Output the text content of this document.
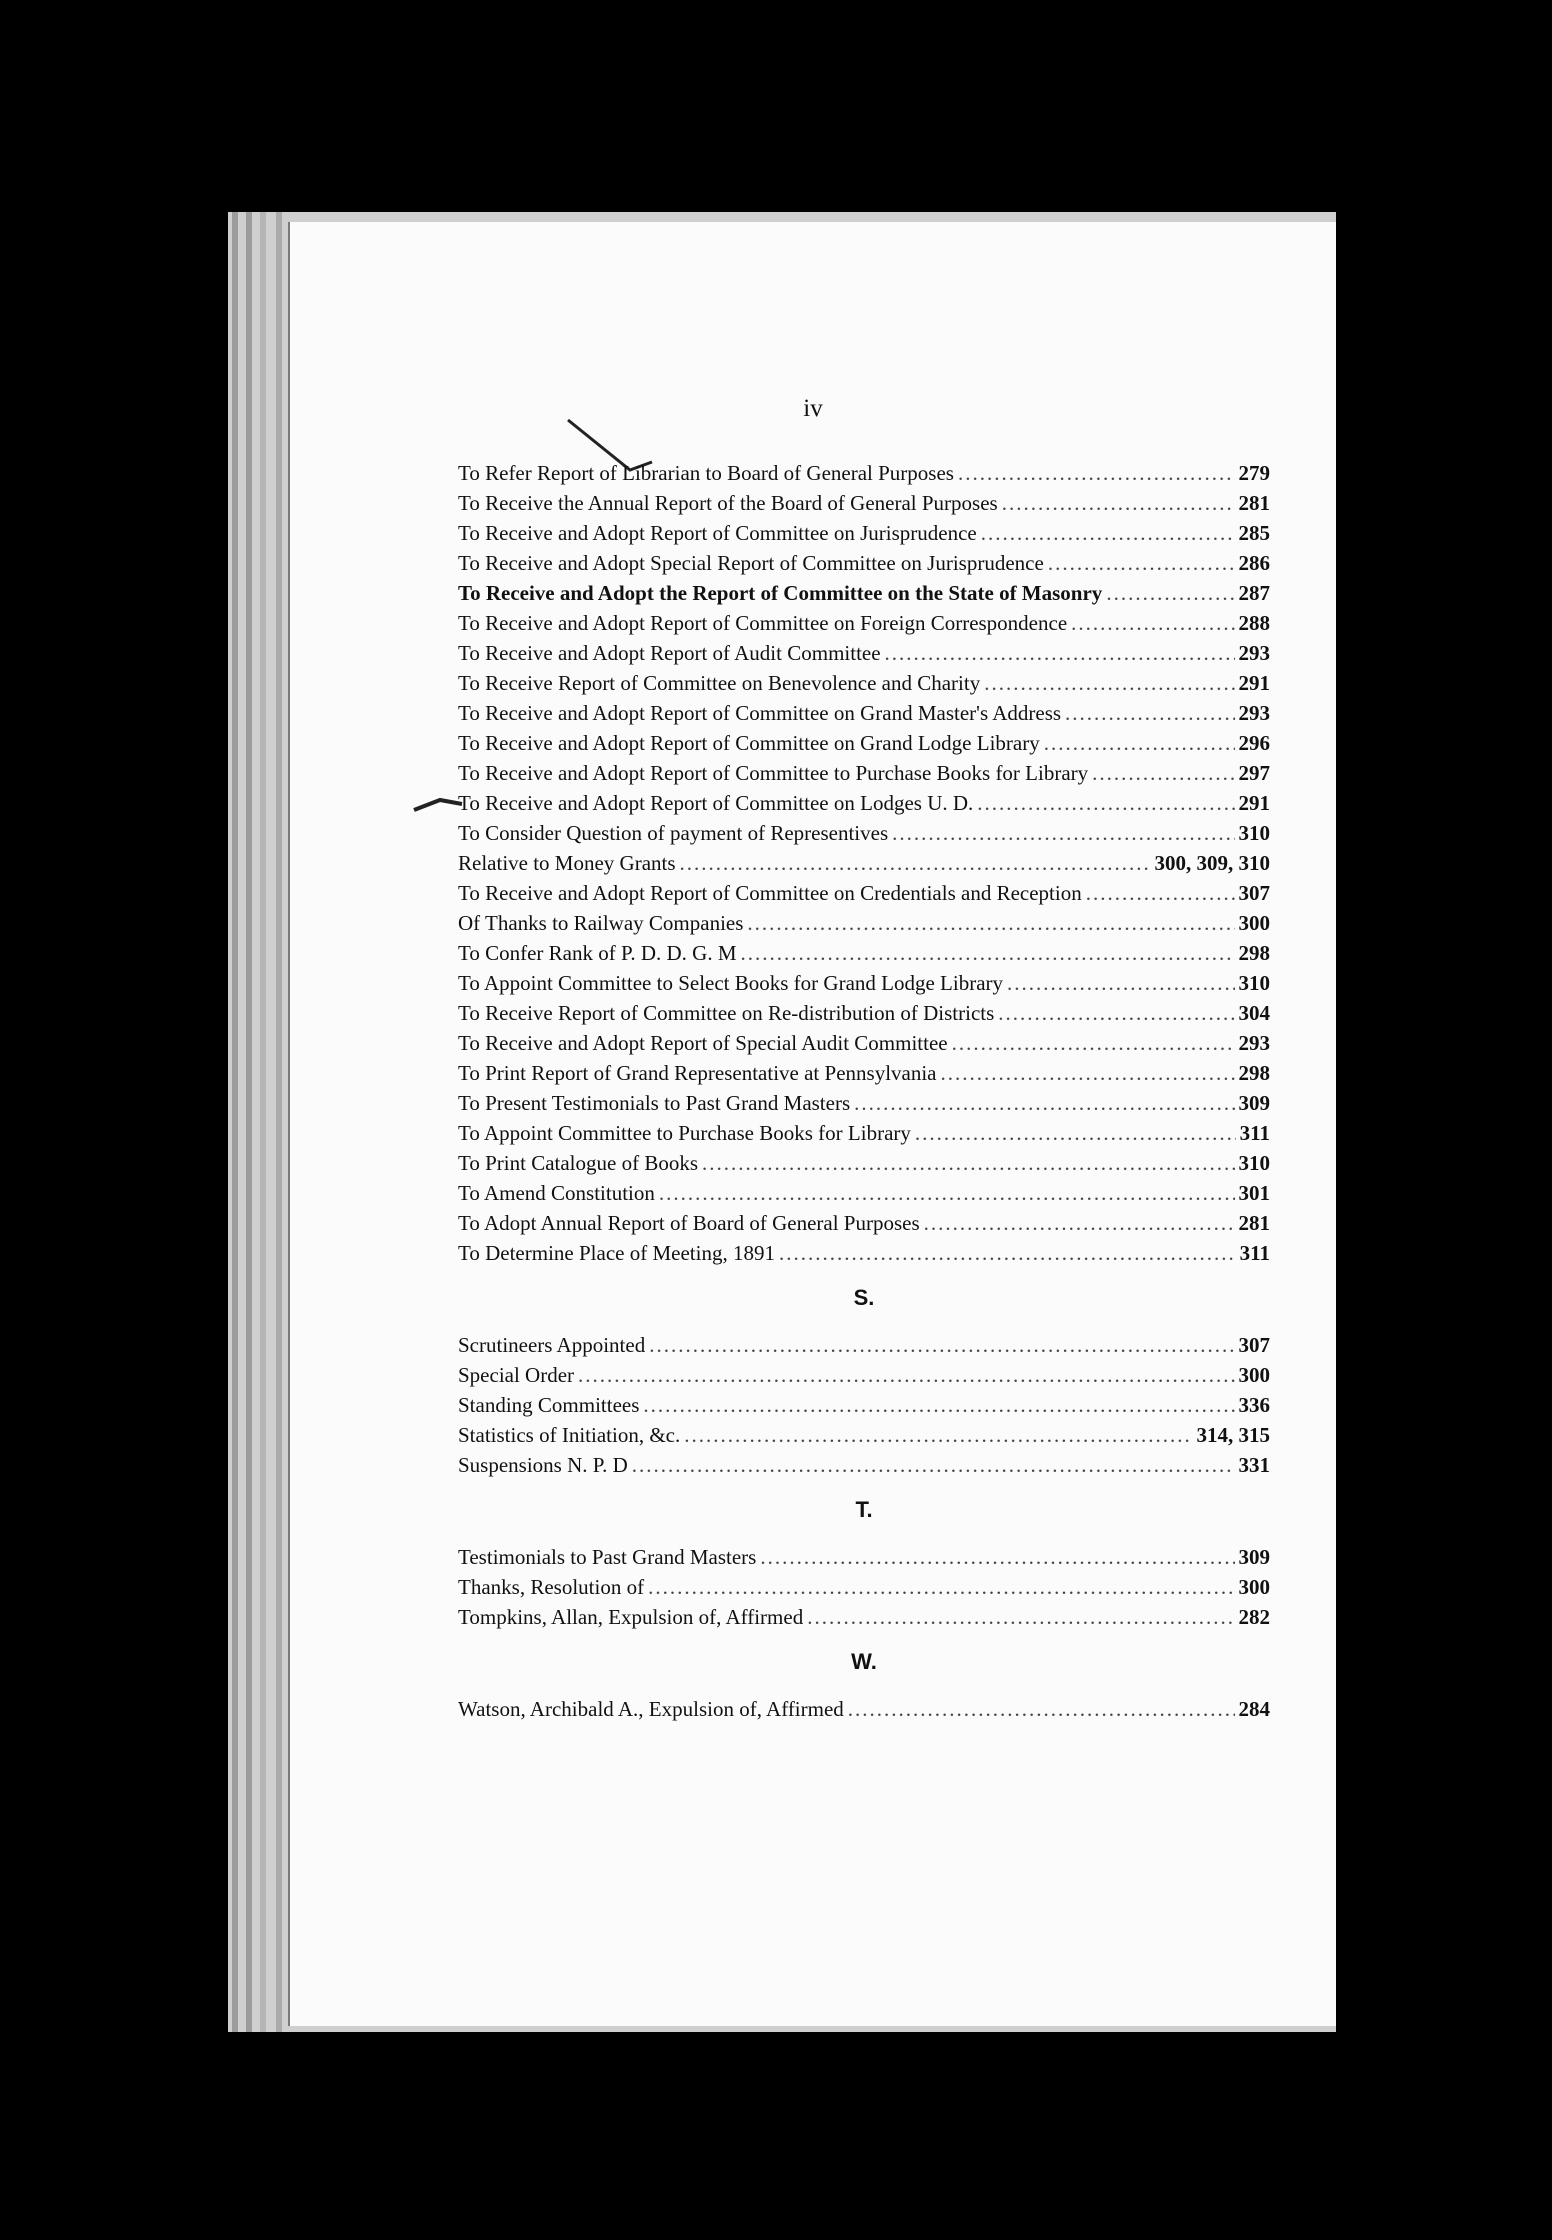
iv
To Refer Report of Librarian to Board of General Purposes .....	279
To Receive the Annual Report of the Board of General Purposes .....	281
To Receive and Adopt Report of Committee on Jurisprudence .....	285
To Receive and Adopt Special Report of Committee on Jurisprudence .....	286
To Receive and Adopt the Report of Committee on the State of Masonry .....	287
To Receive and Adopt Report of Committee on Foreign Correspondence .....	288
To Receive and Adopt Report of Audit Committee .....	293
To Receive Report of Committee on Benevolence and Charity .....	291
To Receive and Adopt Report of Committee on Grand Master's Address .....	293
To Receive and Adopt Report of Committee on Grand Lodge Library .....	296
To Receive and Adopt Report of Committee to Purchase Books for Library .....	297
To Receive and Adopt Report of Committee on Lodges U. D. .....	291
To Consider Question of payment of Representives .....	310
Relative to Money Grants .....	300, 309, 310
To Receive and Adopt Report of Committee on Credentials and Reception .....	307
Of Thanks to Railway Companies .....	300
To Confer Rank of P. D. D. G. M .....	298
To Appoint Committee to Select Books for Grand Lodge Library .....	310
To Receive Report of Committee on Re-distribution of Districts .....	304
To Receive and Adopt Report of Special Audit Committee .....	293
To Print Report of Grand Representative at Pennsylvania .....	298
To Present Testimonials to Past Grand Masters .....	309
To Appoint Committee to Purchase Books for Library .....	311
To Print Catalogue of Books .....	310
To Amend Constitution .....	301
To Adopt Annual Report of Board of General Purposes .....	281
To Determine Place of Meeting, 1891 .....	311
S.
Scrutineers Appointed .....	307
Special Order .....	300
Standing Committees .....	336
Statistics of Initiation, &c. .....	314, 315
Suspensions N. P. D .....	331
T.
Testimonials to Past Grand Masters .....	309
Thanks, Resolution of .....	300
Tompkins, Allan, Expulsion of, Affirmed .....	282
W.
Watson, Archibald A., Expulsion of, Affirmed .....	284
